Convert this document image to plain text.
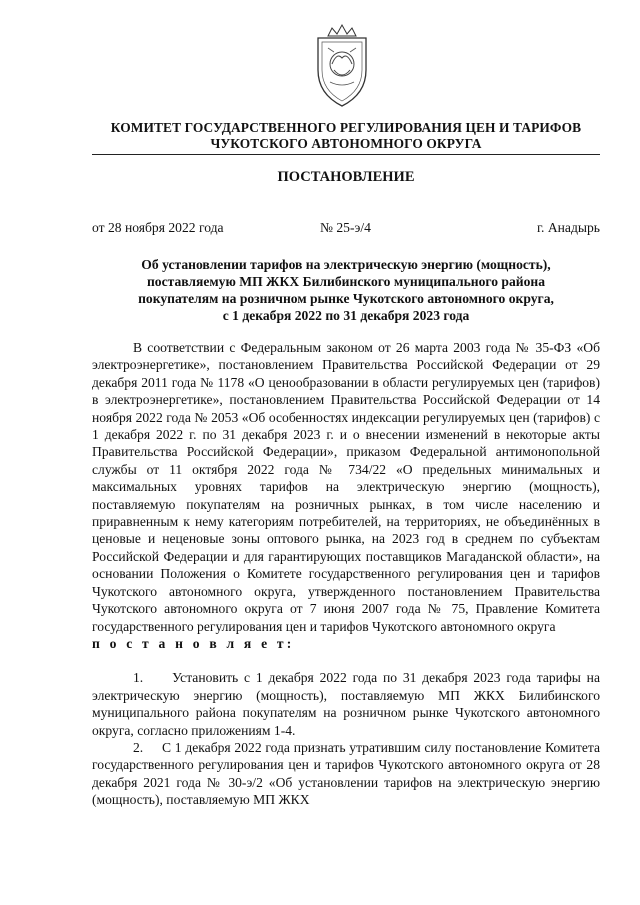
КОМИТЕТ ГОСУДАРСТВЕННОГО РЕГУЛИРОВАНИЯ ЦЕН И ТАРИФОВ
ЧУКОТСКОГО АВТОНОМНОГО ОКРУГА
ПОСТАНОВЛЕНИЕ
от 28 ноября 2022 года	№ 25-э/4	г. Анадырь
Об установлении тарифов на электрическую энергию (мощность),
поставляемую МП ЖКХ Билибинского муниципального района
покупателям на розничном рынке Чукотского автономного округа,
с 1 декабря 2022 по 31 декабря 2023 года

В соответствии с Федеральным законом от 26 марта 2003 года № 35-ФЗ «Об электроэнергетике», постановлением Правительства Российской Федерации от 29 декабря 2011 года № 1178 «О ценообразовании в области регулируемых цен (тарифов) в электроэнергетике», постановлением Правительства Российской Федерации от 14 ноября 2022 года № 2053 «Об особенностях индексации регулируемых цен (тарифов) с 1 декабря 2022 г. по 31 декабря 2023 г. и о внесении изменений в некоторые акты Правительства Российской Федерации», приказом Федеральной антимонопольной службы от 11 октября 2022 года № 734/22 «О предельных минимальных и максимальных уровнях тарифов на электрическую энергию (мощность), поставляемую покупателям на розничных рынках, в том числе населению и приравненным к нему категориям потребителей, на территориях, не объединённых в ценовые и неценовые зоны оптового рынка, на 2023 год в среднем по субъектам Российской Федерации и для гарантирующих поставщиков Магаданской области», на основании Положения о Комитете государственного регулирования цен и тарифов Чукотского автономного округа, утвержденного постановлением Правительства Чукотского автономного округа от 7 июня 2007 года № 75, Правление Комитета государственного регулирования цен и тарифов Чукотского автономного округа

п о с т а н о в л я е т:

1.     Установить с 1 декабря 2022 года по 31 декабря 2023 года тарифы на электрическую энергию (мощность), поставляемую МП ЖКХ Билибинского муниципального района покупателям на розничном рынке Чукотского автономного округа, согласно приложениям 1-4.

2.     С 1 декабря 2022 года признать утратившим силу постановление Комитета государственного регулирования цен и тарифов Чукотского автономного округа от 28 декабря 2021 года № 30-э/2 «Об установлении тарифов на электрическую энергию (мощность), поставляемую МП ЖКХ
